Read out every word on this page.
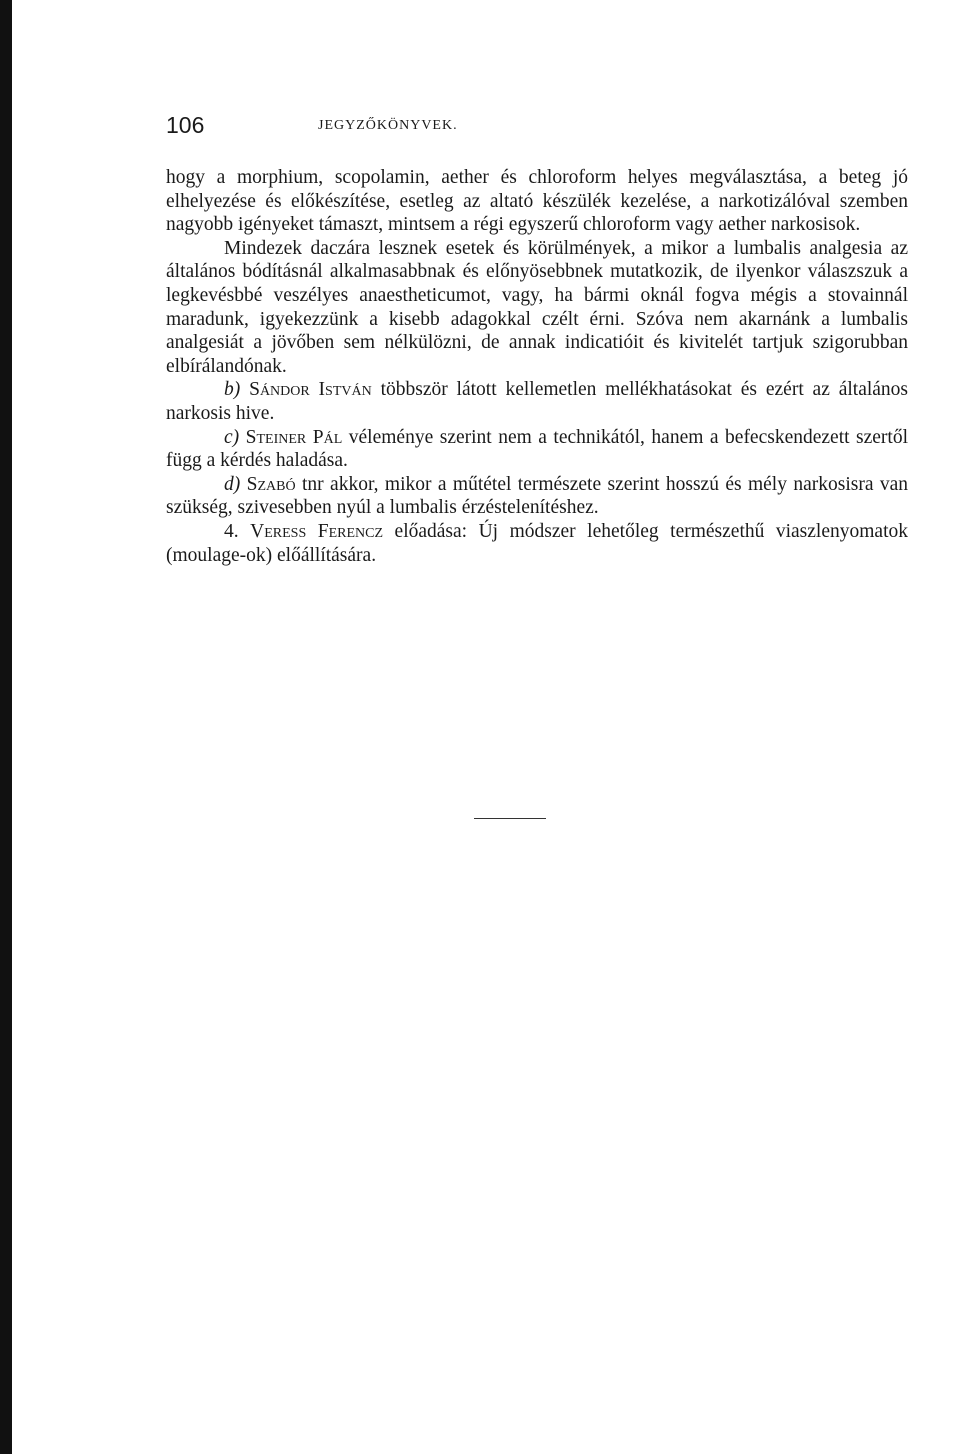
106	JEGYZŐKÖNYVEK.

hogy a morphium, scopolamin, aether és chloroform helyes megválasztása, a beteg jó elhelyezése és előkészítése, esetleg az altató készülék kezelése, a narkotizálóval szemben nagyobb igényeket támaszt, mintsem a régi egyszerű chloroform vagy aether narkosisok.

Mindezek daczára lesznek esetek és körülmények, a mikor a lumbalis analgesia az általános bódításnál alkalmasabbnak és előnyösebbnek mutatkozik, de ilyenkor válaszszuk a legkevésbbé veszélyes anaestheticumot, vagy, ha bármi oknál fogva mégis a stovainnál maradunk, igyekezzünk a kisebb adagokkal czélt érni. Szóva nem akarnánk a lumbalis analgesiát a jövőben sem nélkülözni, de annak indicatióit és kivitelét tartjuk szigorubban elbírálandónak.

b) Sándor István többször látott kellemetlen mellékhatásokat és ezért az általános narkosis hive.

c) Steiner Pál véleménye szerint nem a technikától, hanem a befecskendezett szertől függ a kérdés haladása.

d) Szabó tnr akkor, mikor a műtétel természete szerint hosszú és mély narkosisra van szükség, szivesebben nyúl a lumbalis érzéstelenítéshez.

4. Veress Ferencz előadása: Új módszer lehetőleg természethű viaszlenyomatok (moulage-ok) előállítására.
